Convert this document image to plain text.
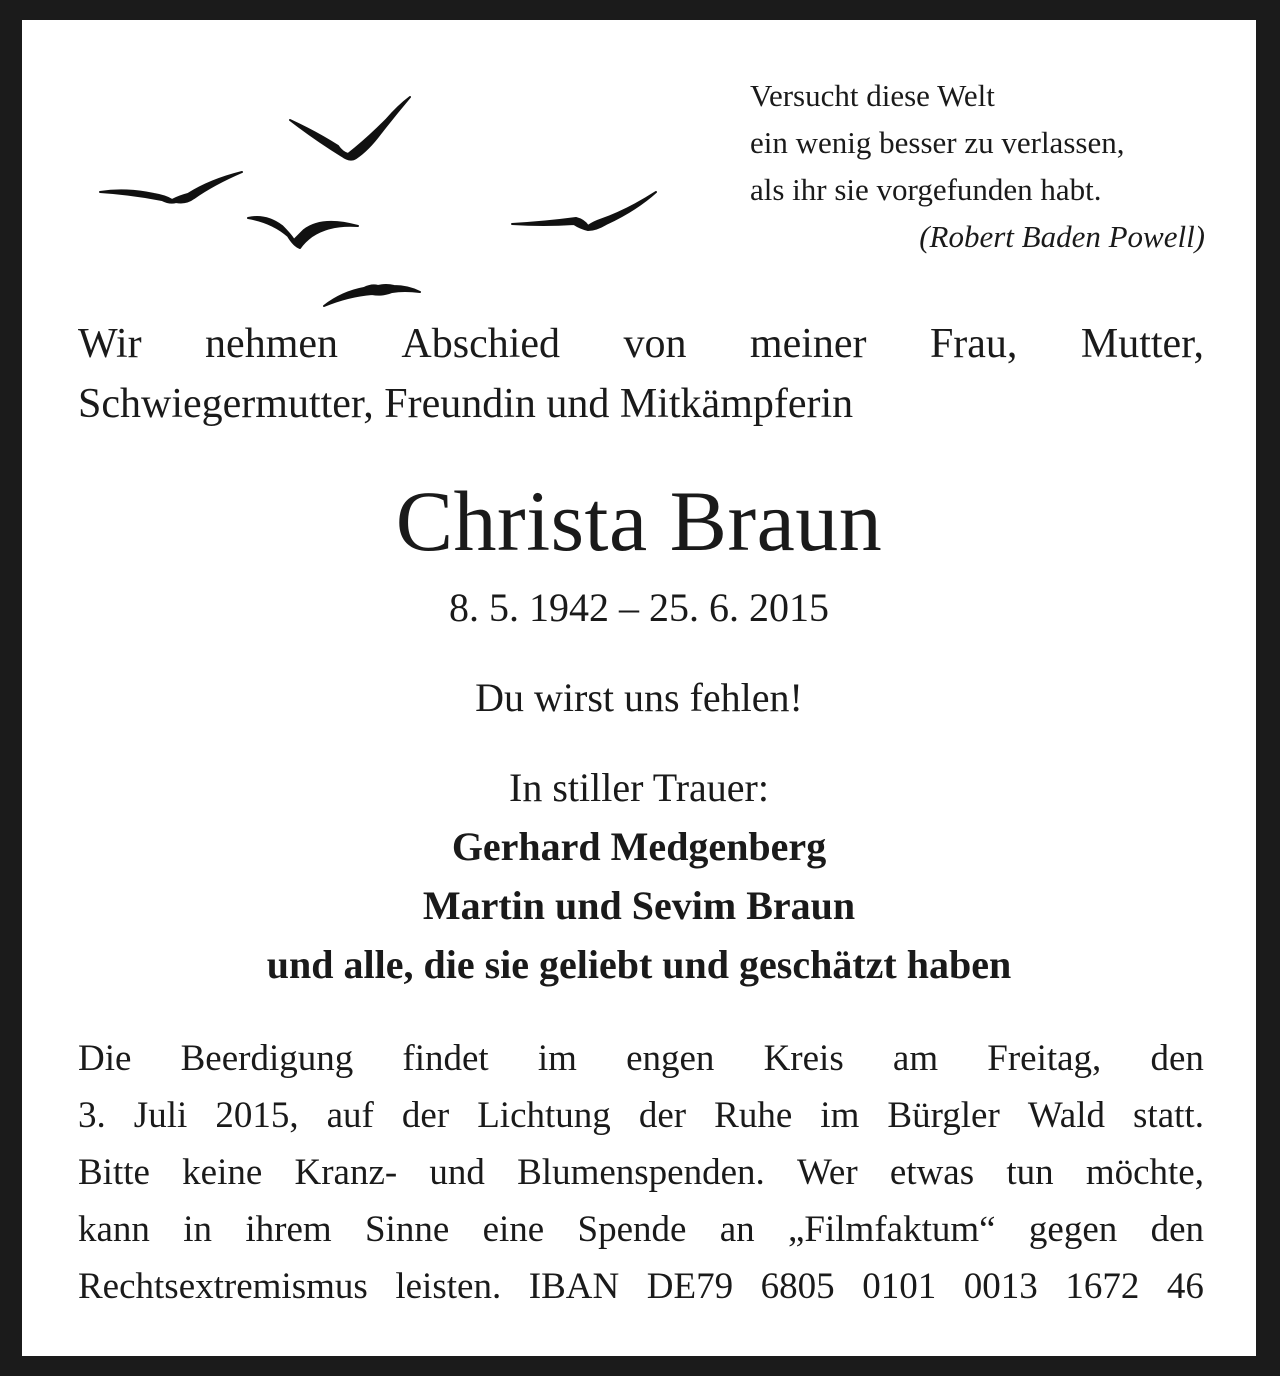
Versucht diese Welt
ein wenig besser zu verlassen,
als ihr sie vorgefunden habt.
(Robert Baden Powell)
Wir nehmen Abschied von meiner Frau, Mutter,
Schwiegermutter, Freundin und Mitkämpferin
Christa Braun
8. 5. 1942 – 25. 6. 2015
Du wirst uns fehlen!
In stiller Trauer:
Gerhard Medgenberg
Martin und Sevim Braun
und alle, die sie geliebt und geschätzt haben
Die Beerdigung findet im engen Kreis am Freitag, den
3. Juli 2015, auf der Lichtung der Ruhe im Bürgler Wald statt.
Bitte keine Kranz- und Blumenspenden. Wer etwas tun möchte,
kann in ihrem Sinne eine Spende an „Filmfaktum“ gegen den
Rechtsextremismus leisten. IBAN DE79 6805 0101 0013 1672 46
